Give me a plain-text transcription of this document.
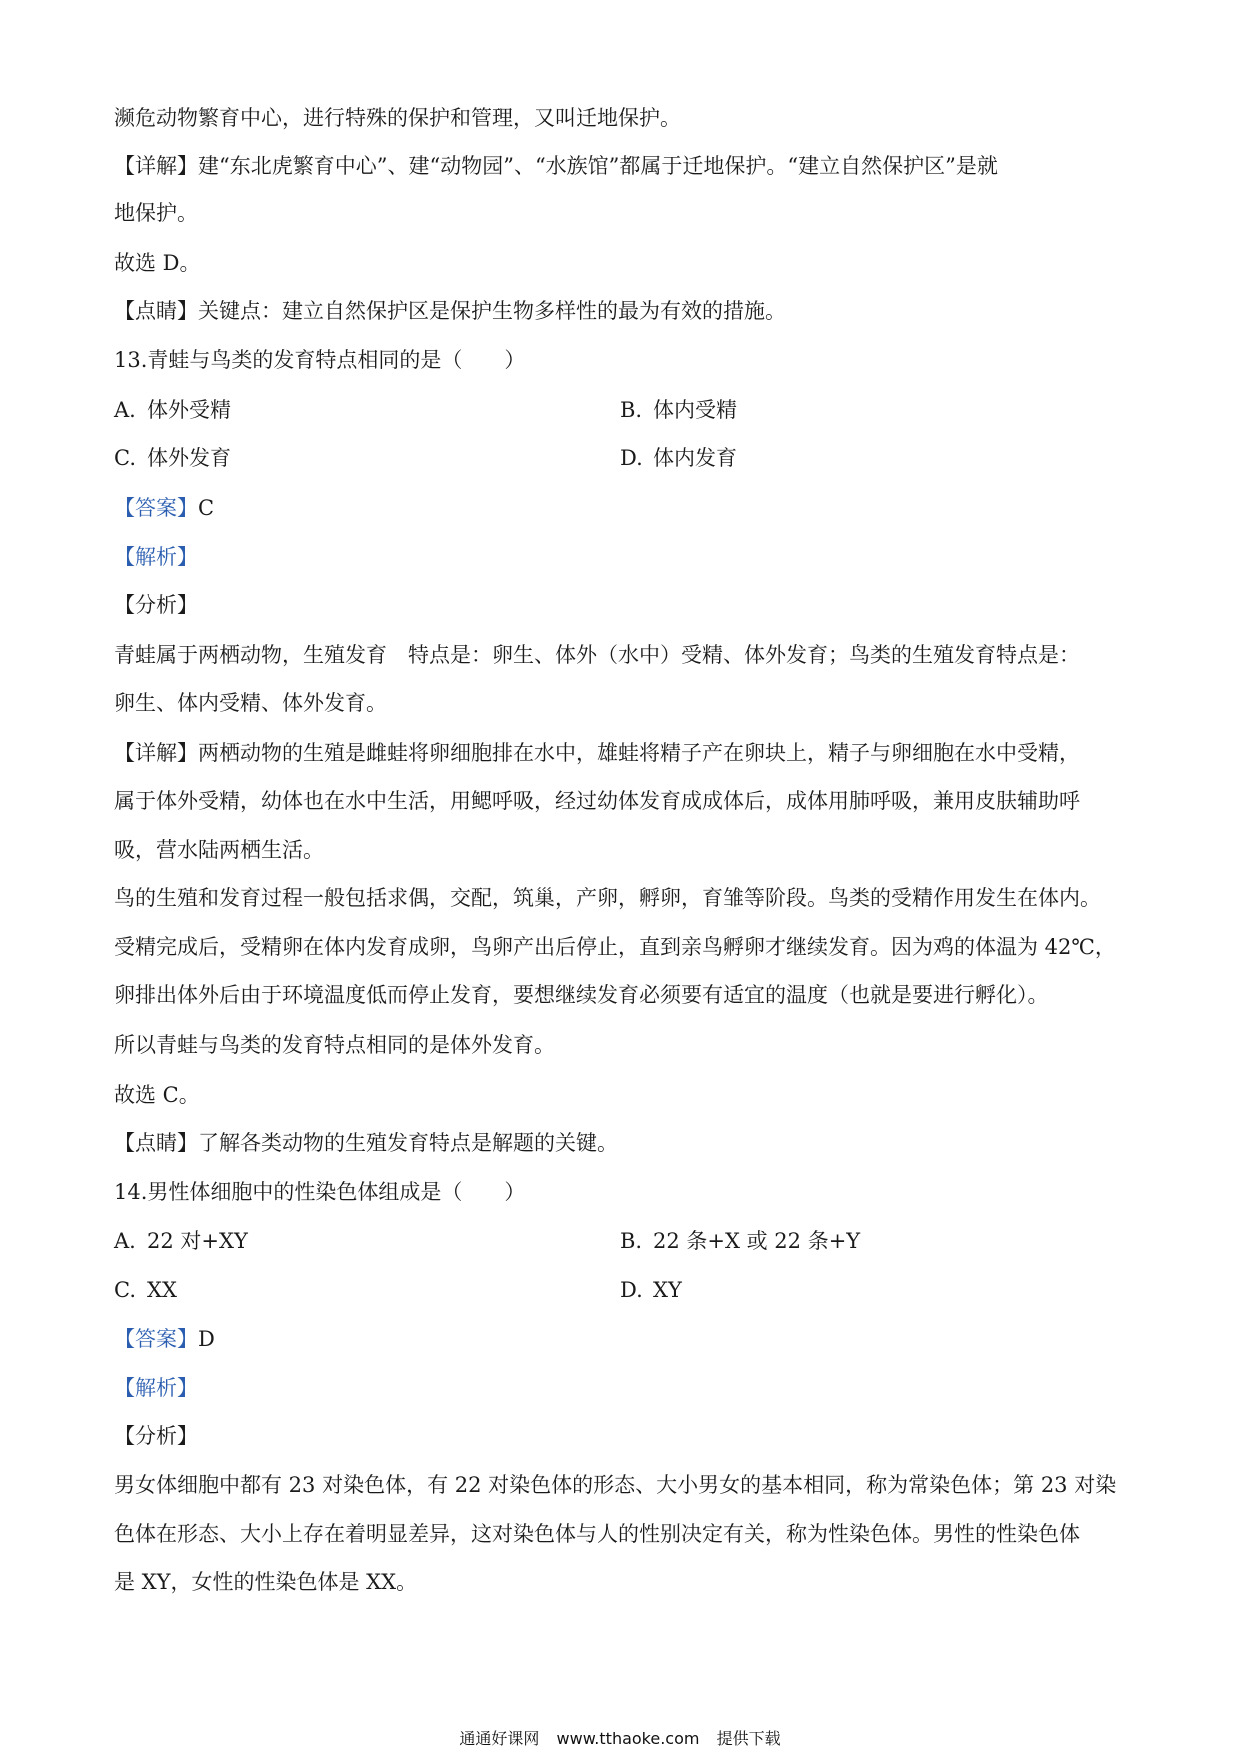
濒危动物繁育中心，进行特殊的保护和管理，又叫迁地保护。
【详解】建“东北虎繁育中心”、建“动物园”、“水族馆”都属于迁地保护。“建立自然保护区”是就
地保护。
故选 D。
【点睛】关键点：建立自然保护区是保护生物多样性的最为有效的措施。
13.青蛙与鸟类的发育特点相同的是（　　）
A. 体外受精	B. 体内受精
C. 体外发育	D. 体内发育
【答案】C
【解析】
【分析】
青蛙属于两栖动物，生殖发育　特点是：卵生、体外（水中）受精、体外发育；鸟类的生殖发育特点是：
卵生、体内受精、体外发育。
【详解】两栖动物的生殖是雌蛙将卵细胞排在水中，雄蛙将精子产在卵块上，精子与卵细胞在水中受精，
属于体外受精，幼体也在水中生活，用鳃呼吸，经过幼体发育成成体后，成体用肺呼吸，兼用皮肤辅助呼
吸，营水陆两栖生活。
鸟的生殖和发育过程一般包括求偶，交配，筑巢，产卵，孵卵，育雏等阶段。鸟类的受精作用发生在体内。
受精完成后，受精卵在体内发育成卵，鸟卵产出后停止，直到亲鸟孵卵才继续发育。因为鸡的体温为 42℃，
卵排出体外后由于环境温度低而停止发育，要想继续发育必须要有适宜的温度（也就是要进行孵化）。
所以青蛙与鸟类的发育特点相同的是体外发育。
故选 C。
【点睛】了解各类动物的生殖发育特点是解题的关键。
14.男性体细胞中的性染色体组成是（　　）
A. 22 对+XY	B. 22 条+X 或 22 条+Y
C. XX	D. XY
【答案】D
【解析】
【分析】
男女体细胞中都有 23 对染色体，有 22 对染色体的形态、大小男女的基本相同，称为常染色体；第 23 对染
色体在形态、大小上存在着明显差异，这对染色体与人的性别决定有关，称为性染色体。男性的性染色体
是 XY，女性的性染色体是 XX。
通通好课网 www.tthaoke.com 提供下载
